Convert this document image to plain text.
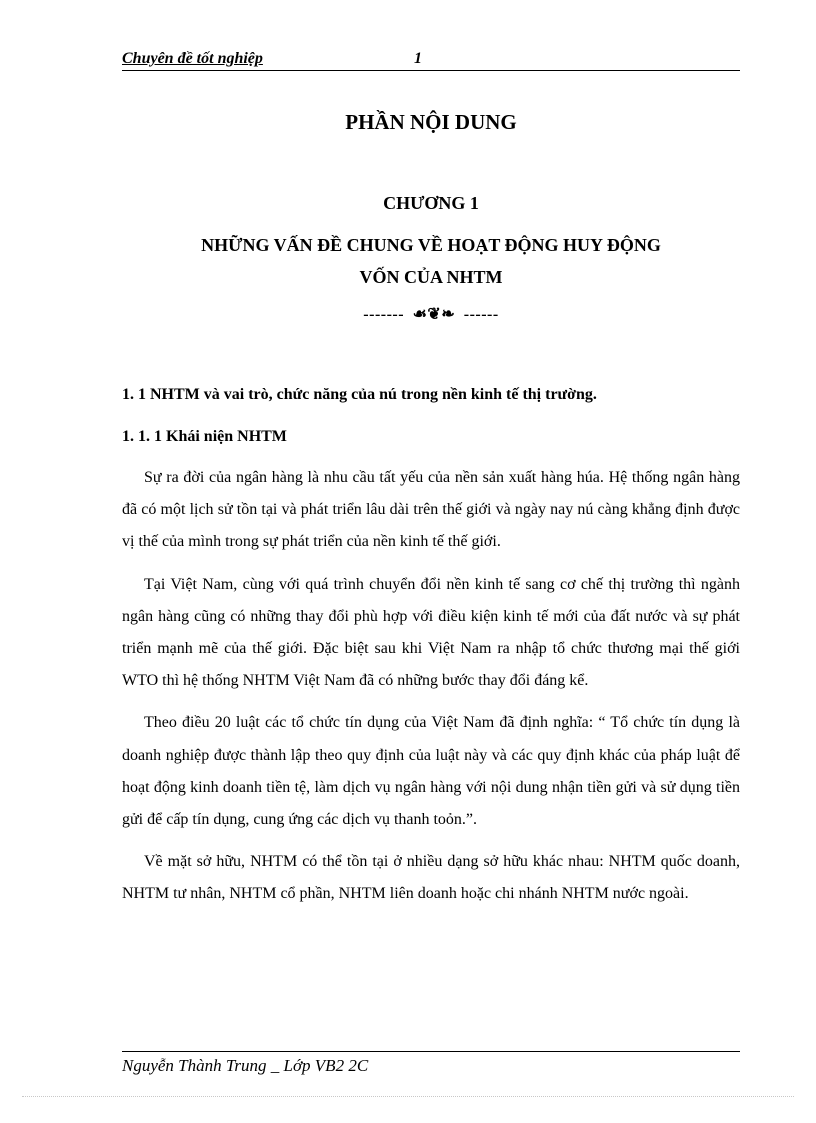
Chuyên đề tốt nghiệp	1
PHẦN NỘI DUNG
CHƯƠNG 1
NHỮNG VẤN ĐỀ CHUNG VỀ HOẠT ĐỘNG HUY ĐỘNG
VỐN CỦA NHTM
------- ☙❦❧ ------
1. 1 NHTM và vai trò, chức năng của nú trong nền kinh tế thị trường.
1. 1. 1 Khái niện NHTM

Sự ra đời của ngân hàng là nhu cầu tất yếu của nền sản xuất hàng húa. Hệ thống ngân hàng đã có một lịch sử tồn tại và phát triển lâu dài trên thế giới và ngày nay nú càng khẳng định được vị thế của mình trong sự phát triển của nền kinh tế thế giới.

Tại Việt Nam, cùng với quá trình chuyển đổi nền kinh tế sang cơ chế thị trường thì ngành ngân hàng cũng có những thay đổi phù hợp với điều kiện kinh tế mới của đất nước và sự phát triển mạnh mẽ của thế giới. Đặc biệt sau khi Việt Nam ra nhập tổ chức thương mại thế giới WTO thì hệ thống NHTM Việt Nam đã có những bước thay đổi đáng kể.

Theo điều 20 luật các tổ chức tín dụng của Việt Nam đã định nghĩa: “ Tổ chức tín dụng là doanh nghiệp được thành lập theo quy định của luật này và các quy định khác của pháp luật để hoạt động kinh doanh tiền tệ, làm dịch vụ ngân hàng với nội dung nhận tiền gửi và sử dụng tiền gửi để cấp tín dụng, cung ứng các dịch vụ thanh toỏn.”.

Về mặt sở hữu, NHTM có thể tồn tại ở nhiều dạng sở hữu khác nhau: NHTM quốc doanh, NHTM tư nhân, NHTM cổ phần, NHTM liên doanh hoặc chi nhánh NHTM nước ngoài.

Nguyễn Thành Trung _ Lớp VB2 2C
